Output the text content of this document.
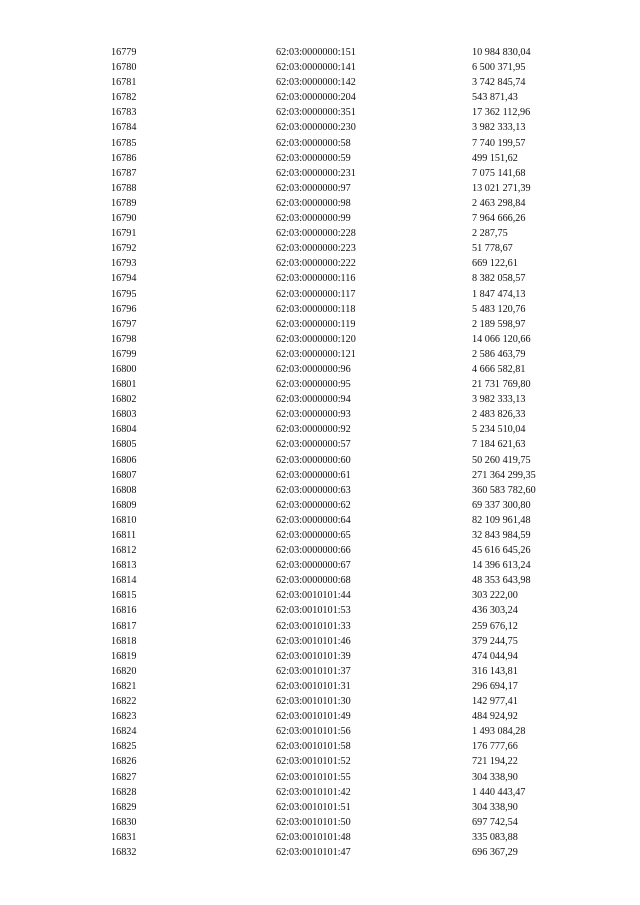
16779	62:03:0000000:151	10 984 830,04
16780	62:03:0000000:141	6 500 371,95
16781	62:03:0000000:142	3 742 845,74
16782	62:03:0000000:204	543 871,43
16783	62:03:0000000:351	17 362 112,96
16784	62:03:0000000:230	3 982 333,13
16785	62:03:0000000:58	7 740 199,57
16786	62:03:0000000:59	499 151,62
16787	62:03:0000000:231	7 075 141,68
16788	62:03:0000000:97	13 021 271,39
16789	62:03:0000000:98	2 463 298,84
16790	62:03:0000000:99	7 964 666,26
16791	62:03:0000000:228	2 287,75
16792	62:03:0000000:223	51 778,67
16793	62:03:0000000:222	669 122,61
16794	62:03:0000000:116	8 382 058,57
16795	62:03:0000000:117	1 847 474,13
16796	62:03:0000000:118	5 483 120,76
16797	62:03:0000000:119	2 189 598,97
16798	62:03:0000000:120	14 066 120,66
16799	62:03:0000000:121	2 586 463,79
16800	62:03:0000000:96	4 666 582,81
16801	62:03:0000000:95	21 731 769,80
16802	62:03:0000000:94	3 982 333,13
16803	62:03:0000000:93	2 483 826,33
16804	62:03:0000000:92	5 234 510,04
16805	62:03:0000000:57	7 184 621,63
16806	62:03:0000000:60	50 260 419,75
16807	62:03:0000000:61	271 364 299,35
16808	62:03:0000000:63	360 583 782,60
16809	62:03:0000000:62	69 337 300,80
16810	62:03:0000000:64	82 109 961,48
16811	62:03:0000000:65	32 843 984,59
16812	62:03:0000000:66	45 616 645,26
16813	62:03:0000000:67	14 396 613,24
16814	62:03:0000000:68	48 353 643,98
16815	62:03:0010101:44	303 222,00
16816	62:03:0010101:53	436 303,24
16817	62:03:0010101:33	259 676,12
16818	62:03:0010101:46	379 244,75
16819	62:03:0010101:39	474 044,94
16820	62:03:0010101:37	316 143,81
16821	62:03:0010101:31	296 694,17
16822	62:03:0010101:30	142 977,41
16823	62:03:0010101:49	484 924,92
16824	62:03:0010101:56	1 493 084,28
16825	62:03:0010101:58	176 777,66
16826	62:03:0010101:52	721 194,22
16827	62:03:0010101:55	304 338,90
16828	62:03:0010101:42	1 440 443,47
16829	62:03:0010101:51	304 338,90
16830	62:03:0010101:50	697 742,54
16831	62:03:0010101:48	335 083,88
16832	62:03:0010101:47	696 367,29
